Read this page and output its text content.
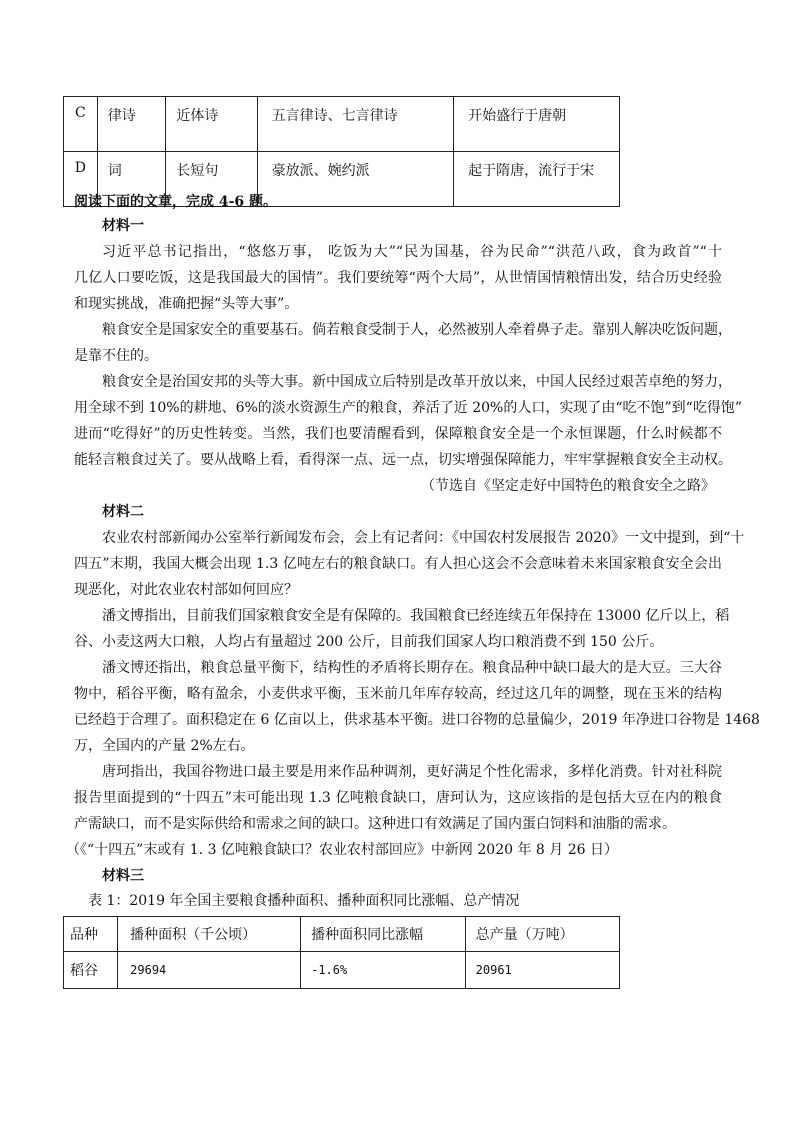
C	律诗	近体诗	五言律诗、七言律诗	开始盛行于唐朝
D	词	长短句	豪放派、婉约派	起于隋唐，流行于宋
阅读下面的文章，完成 4-6 题。
材料一
习近平总书记指出，“悠悠万事， 吃饭为大”“民为国基，谷为民命”“洪范八政，食为政首”“十
几亿人口要吃饭，这是我国最大的国情”。我们要统筹“两个大局”，从世情国情粮情出发，结合历史经验
和现实挑战，准确把握“头等大事”。
粮食安全是国家安全的重要基石。倘若粮食受制于人，必然被别人牵着鼻子走。靠别人解决吃饭问题，
是靠不住的。
粮食安全是治国安邦的头等大事。新中国成立后特别是改革开放以来，中国人民经过艰苦卓绝的努力，
用全球不到 10%的耕地、6%的淡水资源生产的粮食，养活了近 20%的人口，实现了由“吃不饱”到“吃得饱”
进而“吃得好”的历史性转变。当然，我们也要清醒看到，保障粮食安全是一个永恒课题，什么时候都不
能轻言粮食过关了。要从战略上看，看得深一点、远一点，切实增强保障能力，牢牢掌握粮食安全主动权。
（节选自《坚定走好中国特色的粮食安全之路》
材料二
农业农村部新闻办公室举行新闻发布会，会上有记者问：《中国农村发展报告 2020》一文中提到，到“十
四五”末期，我国大概会出现 1.3 亿吨左右的粮食缺口。有人担心这会不会意味着未来国家粮食安全会出
现恶化，对此农业农村部如何回应？
潘文博指出，目前我们国家粮食安全是有保障的。我国粮食已经连续五年保持在 13000 亿斤以上，稻
谷、小麦这两大口粮，人均占有量超过 200 公斤，目前我们国家人均口粮消费不到 150 公斤。
潘文博还指出，粮食总量平衡下，结构性的矛盾将长期存在。粮食品种中缺口最大的是大豆。三大谷
物中，稻谷平衡，略有盈余，小麦供求平衡，玉米前几年库存较高，经过这几年的调整，现在玉米的结构
已经趋于合理了。面积稳定在 6 亿亩以上，供求基本平衡。进口谷物的总量偏少，2019 年净进口谷物是 1468
万，全国内的产量 2%左右。
唐珂指出，我国谷物进口最主要是用来作品种调剂，更好满足个性化需求，多样化消费。针对社科院
报告里面提到的“十四五”末可能出现 1.3 亿吨粮食缺口，唐珂认为，这应该指的是包括大豆在内的粮食
产需缺口，而不是实际供给和需求之间的缺口。这种进口有效满足了国内蛋白饲料和油脂的需求。
（《“十四五”末或有 1. 3 亿吨粮食缺口？农业农村部回应》中新网 2020 年 8 月 26 日）
材料三
表 1：2019 年全国主要粮食播种面积、播种面积同比涨幅、总产情况
品种	播种面积（千公顷）	播种面积同比涨幅	总产量（万吨）
稻谷	29694	-1.6%	20961
